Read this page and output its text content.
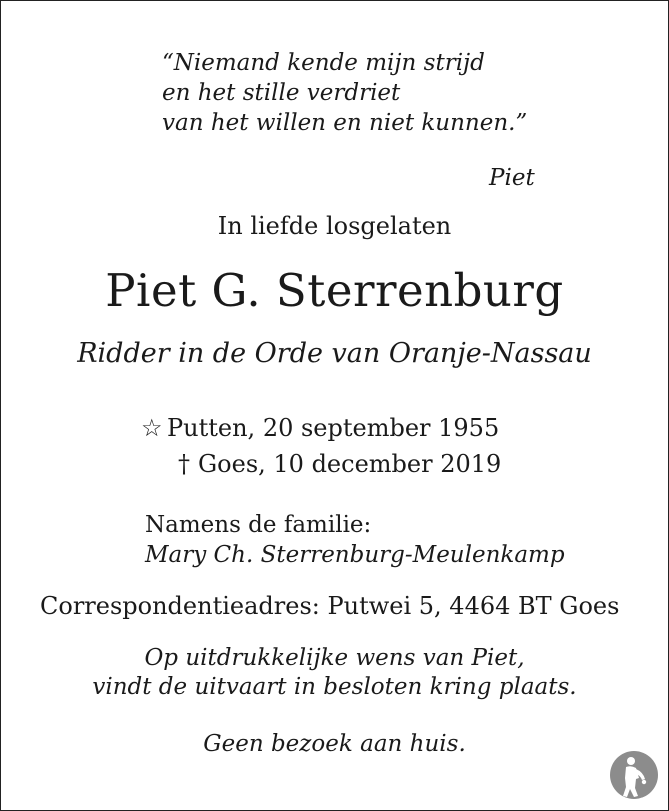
“Niemand kende mijn strijd

en het stille verdriet

van het willen en niet kunnen.”

Piet

In liefde losgelaten

Piet G. Sterrenburg

Ridder in de Orde van Oranje-Nassau

☆ Putten, 20 september 1955

† Goes, 10 december 2019

Namens de familie:

Mary Ch. Sterrenburg-Meulenkamp

Correspondentieadres: Putwei 5, 4464 BT Goes

Op uitdrukkelijke wens van Piet,

vindt de uitvaart in besloten kring plaats.

Geen bezoek aan huis.
